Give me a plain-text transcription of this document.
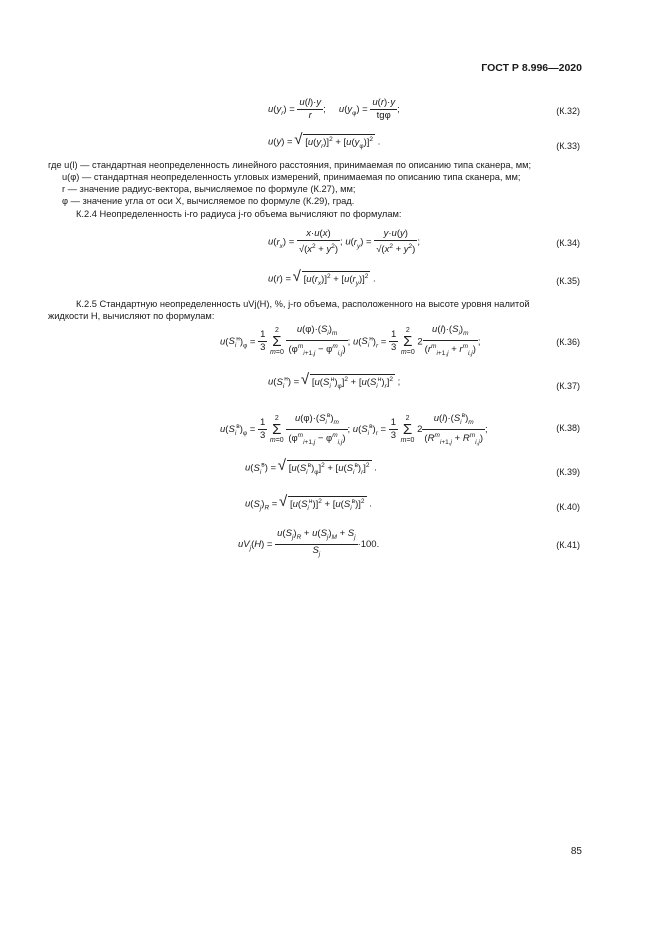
ГОСТ Р 8.996—2020
$u(y_r) = \frac{u(l)\cdot y}{r}$ ;     $u(y_\varphi) = \frac{u(r)\cdot y}{\text{tgφ}}$ ;	(К.32)
u(y) = √ $[u(y_r)]^2 + [u(y_\varphi)]^2$ .	(К.33)
где u(l) — стандартная неопределенность линейного расстояния, принимаемая по описанию типа сканера, мм;
u(φ) — стандартная неопределенность угловых измерений, принимаемая по описанию типа сканера, мм;
r — значение радиус-вектора, вычисляемое по формуле (К.27), мм;
φ — значение угла от оси X, вычисляемое по формуле (К.29), град.
К.2.4 Неопределенность i-го радиуса j-го объема вычисляют по формулам:
$u(r_x) = \frac{x\cdot u(x)}{√(x^2 + y^2)}$ ; $u(r_y) = \frac{y\cdot u(y)}{√(x^2 + y^2)}$ ;	(К.34)
u(r) = √ $[u(r_x)]^2 + [u(r_y)]^2$ .	(К.35)
К.2.5 Стандартную неопределенность uVj(H), %, j-го объема, расположенного на высоте уровня налитой жидкости H, вычисляют по формулам:
$u(S_i^н)_\varphi = \frac{1}{3} 2$
Σ
$m=0 \frac{u(\varphi)\cdot(S_i)_m}{(\varphi^m_{i+1,j} - \varphi^m_{i,j})}$ ; $u(S_i^н)_r = \frac{1}{3} 2$
Σ
m=0 $2 \frac{u(l)\cdot(S_i)_m}{(r^m_{i+1,j} + r^m_{i,j})}$ ;	(К.36)
$u(S_i^н)$ = √ $[u(S_i^н)_\varphi]^2 + [u(S_i^н)_r]^2$ ;	(К.37)
$u(S_i^в)_\varphi = \frac{1}{3} 2$
Σ
$m=0 \frac{u(\varphi)\cdot(S_i^в)_m}{(\varphi^m_{i+1,j} - \varphi^m_{i,j})}$ ; $u(S_i^в)_r = \frac{1}{3} 2$
Σ
m=0 $2 \frac{u(l)\cdot(S_i^в)_m}{(R^m_{i+1,j} + R^m_{i,j})}$ ;	(К.38)
$u(S_i^в)$ = √ $[u(S_i^в)_\varphi]^2 + [u(S_i^в)_r]^2$ .	(К.39)
$u(S_j)_R$ = √ $[u(S_i^н)]^2 + [u(S_i^в)]^2$ .	(К.40)
$uV_j(H) = \frac{u(S_j)_R + u(S_j)_M + S_j}{S_j} \cdot 100$.	(К.41)
85
